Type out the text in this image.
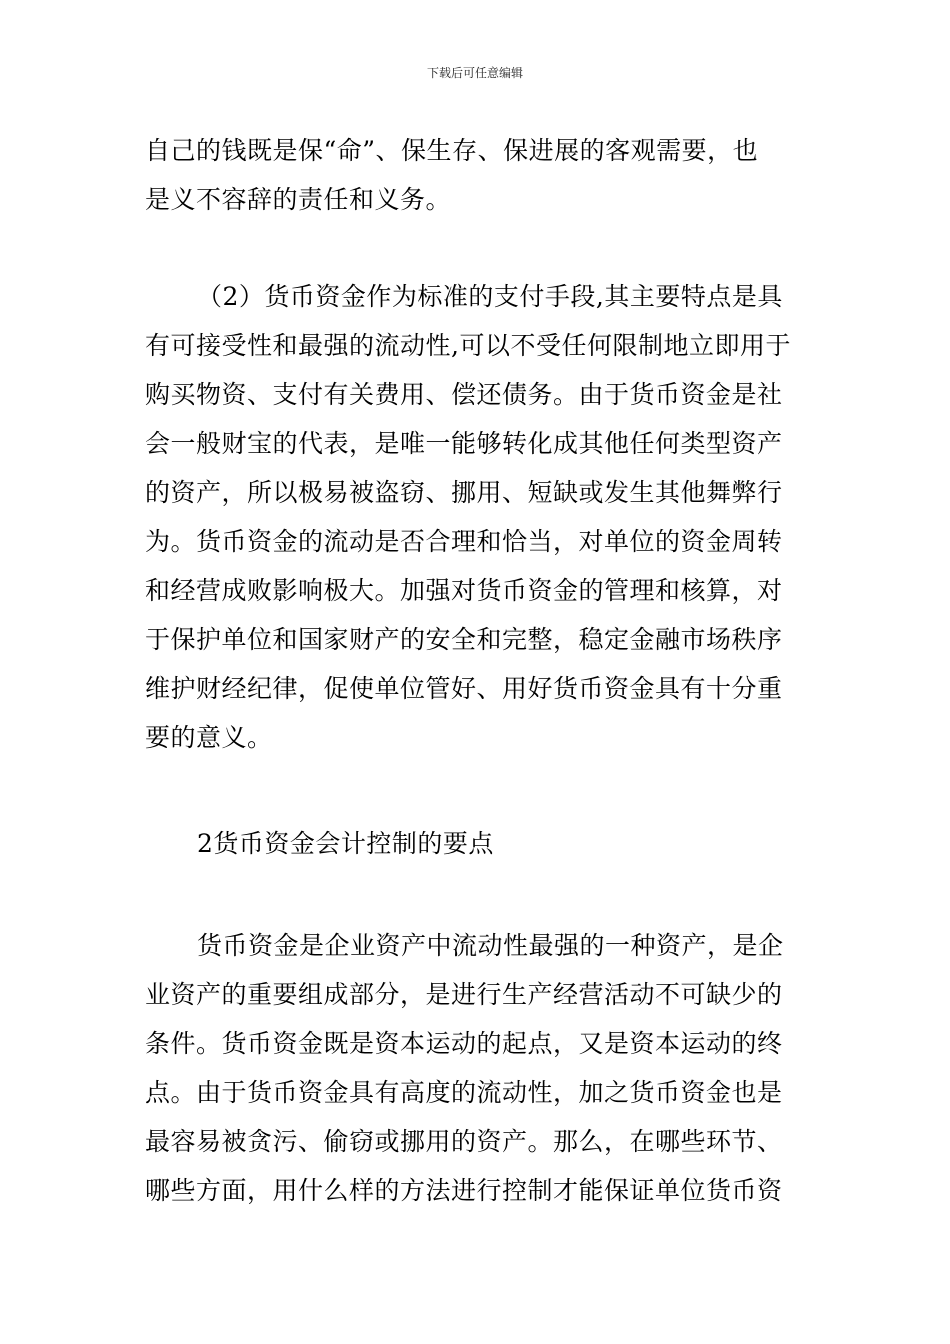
下载后可任意编辑
自己的钱既是保“命”、保生存、保进展的客观需要，也
是义不容辞的责任和义务。
（2）货币资金作为标准的支付手段,其主要特点是具
有可接受性和最强的流动性,可以不受任何限制地立即用于
购买物资、支付有关费用、偿还债务。由于货币资金是社
会一般财宝的代表，是唯一能够转化成其他任何类型资产
的资产，所以极易被盗窃、挪用、短缺或发生其他舞弊行
为。货币资金的流动是否合理和恰当，对单位的资金周转
和经营成败影响极大。加强对货币资金的管理和核算，对
于保护单位和国家财产的安全和完整，稳定金融市场秩序
维护财经纪律，促使单位管好、用好货币资金具有十分重
要的意义。
2货币资金会计控制的要点
货币资金是企业资产中流动性最强的一种资产，是企
业资产的重要组成部分，是进行生产经营活动不可缺少的
条件。货币资金既是资本运动的起点，又是资本运动的终
点。由于货币资金具有高度的流动性，加之货币资金也是
最容易被贪污、偷窃或挪用的资产。那么，在哪些环节、
哪些方面，用什么样的方法进行控制才能保证单位货币资
